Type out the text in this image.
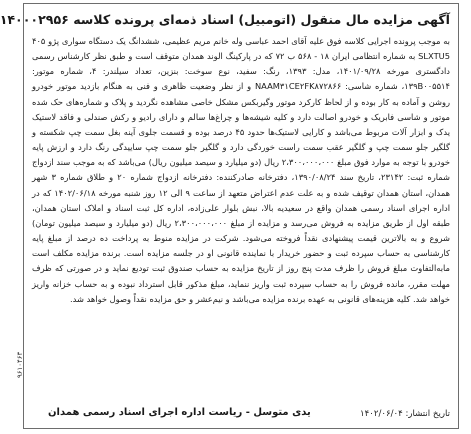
آگهی مزایده مال منقول (اتومبیل) اسناد ذمه‌ای پرونده کلاسه ۱۴۰۰۰۲۹۵۶

به موجب پرونده اجرایی کلاسه فوق علیه آقای احمد عباسی وله خانم مریم عظیمی، ششدانگ یک دستگاه سواری پژو ۴۰۵ SLXTU5 به شماره انتظامی ایران ۱۸ - ۵۶۸ ب ۷۲ که در پارکینگ الوند همدان متوقف است و طبق نظر کارشناس رسمی دادگستری مورخه ۱۴۰۱/۰۹/۲۸، مدل: ۱۳۹۳، رنگ: سفید، نوع سوخت: بنزین، تعداد سیلندر: ۴، شماره موتور: ۱۳۹B۰۰۵۵۱۴، شماره شاسی: NAAM۳۱CE۲FK۸۷۲۸۶۶ و از نظر وضعیت ظاهری و فنی به هنگام بازدید موتور خودرو روشن و آماده به کار بوده و از لحاظ کارکرد موتور وگیربکس مشکل خاصی مشاهده نگردید و پلاک و شماره‌های حک شده موتور و شاسی فابریک و خودرو اصالت دارد و کلیه شیشه‌ها و چراغ‌ها سالم و دارای رادیو و رکش صندلی و فاقد لاستیک یدک و ابزار آلات مربوط می‌باشد و کارایی لاستیک‌ها حدود ۴۵ درصد بوده و قسمت جلوی آینه بغل سمت چپ شکسته و گلگیر جلو سمت چپ و گلگیر عقب سمت راست خوردگی دارد و گلگیر جلو سمت چپ ساییدگی رنگ دارد و ارزش پایه خودرو با توجه به موارد فوق مبلغ ۲،۳۰۰،۰۰۰،۰۰۰ ریال (دو میلیارد و سیصد میلیون ریال) می‌باشد که به موجب سند ازدواج شماره ثبت: ۲۳۱۴۲، تاریخ سند ۱۳۹۰/۰۸/۲۴، دفترخانه صادرکننده: دفترخانه ازدواج شماره ۲۰ و طلاق شماره ۳ شهر همدان، استان همدان توقیف شده و به علت عدم اعتراض متعهد از ساعت ۹ الی ۱۲ روز شنبه مورخه ۱۴۰۲/۰۶/۱۸ که در اداره اجرای اسناد رسمی همدان واقع در سعیدیه بالا، نبش بلوار علی‌زاده، اداره کل ثبت اسناد و املاک استان همدان، طبقه اول از طریق مزایده به فروش می‌رسد و مزایده از مبلغ ۲،۳۰۰،۰۰۰،۰۰۰ ریال (دو میلیارد و سیصد میلیون تومان) شروع و به بالاترین قیمت پیشنهادی نقداً فروخته می‌شود. شرکت در مزایده منوط به پرداخت ده درصد از مبلغ پایه کارشناسی به حساب سپرده ثبت و حضور خریدار با نماینده قانونی او در جلسه مزایده است. برنده مزایده مکلف است مابه‌التفاوت مبلغ فروش را ظرف مدت پنج روز از تاریخ مزایده به حساب صندوق ثبت تودیع نماید و در صورتی که ظرف مهلت مقرر، مانده فروش را به حساب سپرده ثبت واریز ننماید، مبلغ مذکور قابل استرداد نبوده و به حساب خزانه واریز خواهد شد. کلیه هزینه‌های قانونی به عهده برنده مزایده می‌باشد و نیم‌عشر و حق مزایده نقداً وصول خواهد شد.

تاریخ انتشار: ۱۴۰۲/۰۶/۰۴
یدی متوسل - ریاست اداره اجرای اسناد رسمی همدان
۹۶۱۰۴۶۳
